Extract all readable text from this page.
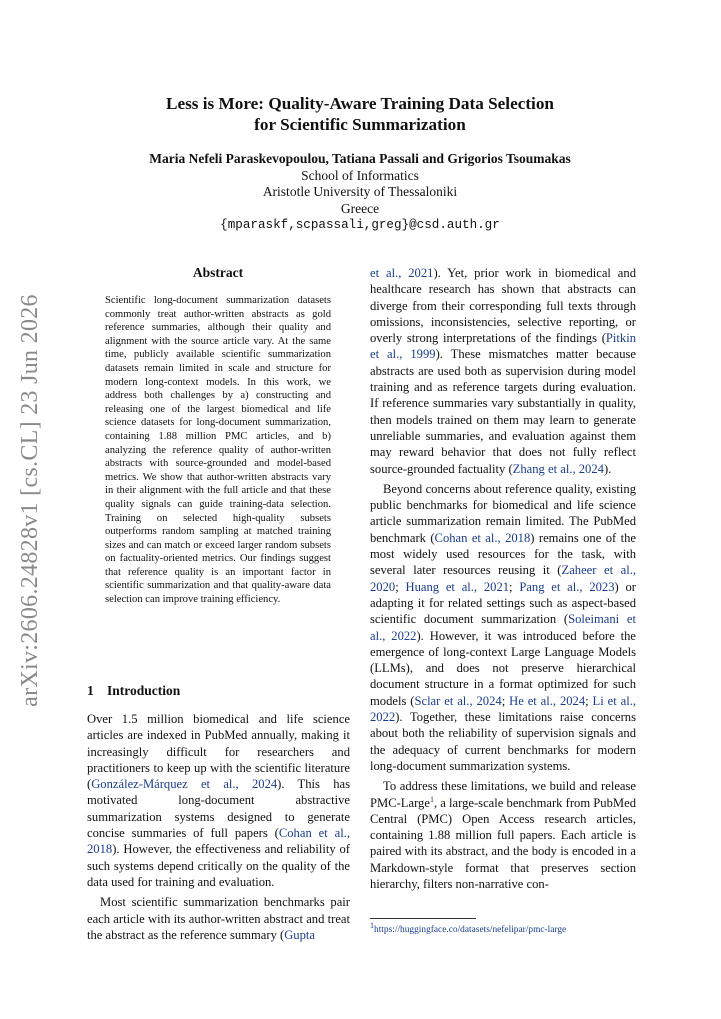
arXiv:2606.24828v1 [cs.CL] 23 Jun 2026
Less is More: Quality-Aware Training Data Selection
for Scientific Summarization
Maria Nefeli Paraskevopoulou, Tatiana Passali and Grigorios Tsoumakas
School of Informatics
Aristotle University of Thessaloniki
Greece
{mparaskf,scpassali,greg}@csd.auth.gr
Abstract
Scientific long-document summarization datasets commonly treat author-written abstracts as gold reference summaries, although their quality and alignment with the source article vary. At the same time, publicly available scientific summarization datasets remain limited in scale and structure for modern long-context models. In this work, we address both challenges by a) constructing and releasing one of the largest biomedical and life science datasets for long-document summarization, containing 1.88 million PMC articles, and b) analyzing the reference quality of author-written abstracts with source-grounded and model-based metrics. We show that author-written abstracts vary in their alignment with the full article and that these quality signals can guide training-data selection. Training on selected high-quality subsets outperforms random sampling at matched training sizes and can match or exceed larger random subsets on factuality-oriented metrics. Our findings suggest that reference quality is an important factor in scientific summarization and that quality-aware data selection can improve training efficiency.
1 Introduction

Over 1.5 million biomedical and life science articles are indexed in PubMed annually, making it increasingly difficult for researchers and practitioners to keep up with the scientific literature (González-Márquez et al., 2024). This has motivated long-document abstractive summarization systems designed to generate concise summaries of full papers (Cohan et al., 2018). However, the effectiveness and reliability of such systems depend critically on the quality of the data used for training and evaluation.

Most scientific summarization benchmarks pair each article with its author-written abstract and treat the abstract as the reference summary (Gupta

et al., 2021). Yet, prior work in biomedical and healthcare research has shown that abstracts can diverge from their corresponding full texts through omissions, inconsistencies, selective reporting, or overly strong interpretations of the findings (Pitkin et al., 1999). These mismatches matter because abstracts are used both as supervision during model training and as reference targets during evaluation. If reference summaries vary substantially in quality, then models trained on them may learn to generate unreliable summaries, and evaluation against them may reward behavior that does not fully reflect source-grounded factuality (Zhang et al., 2024).

Beyond concerns about reference quality, existing public benchmarks for biomedical and life science article summarization remain limited. The PubMed benchmark (Cohan et al., 2018) remains one of the most widely used resources for the task, with several later resources reusing it (Zaheer et al., 2020; Huang et al., 2021; Pang et al., 2023) or adapting it for related settings such as aspect-based scientific document summarization (Soleimani et al., 2022). However, it was introduced before the emergence of long-context Large Language Models (LLMs), and does not preserve hierarchical document structure in a format optimized for such models (Sclar et al., 2024; He et al., 2024; Li et al., 2022). Together, these limitations raise concerns about both the reliability of supervision signals and the adequacy of current benchmarks for modern long-document summarization systems.

To address these limitations, we build and release PMC-Large$^1$, a large-scale benchmark from PubMed Central (PMC) Open Access research articles, containing 1.88 million full papers. Each article is paired with its abstract, and the body is encoded in a Markdown-style format that preserves section hierarchy, filters non-narrative con-

$^1$https://huggingface.co/datasets/nefelipar/pmc-large
